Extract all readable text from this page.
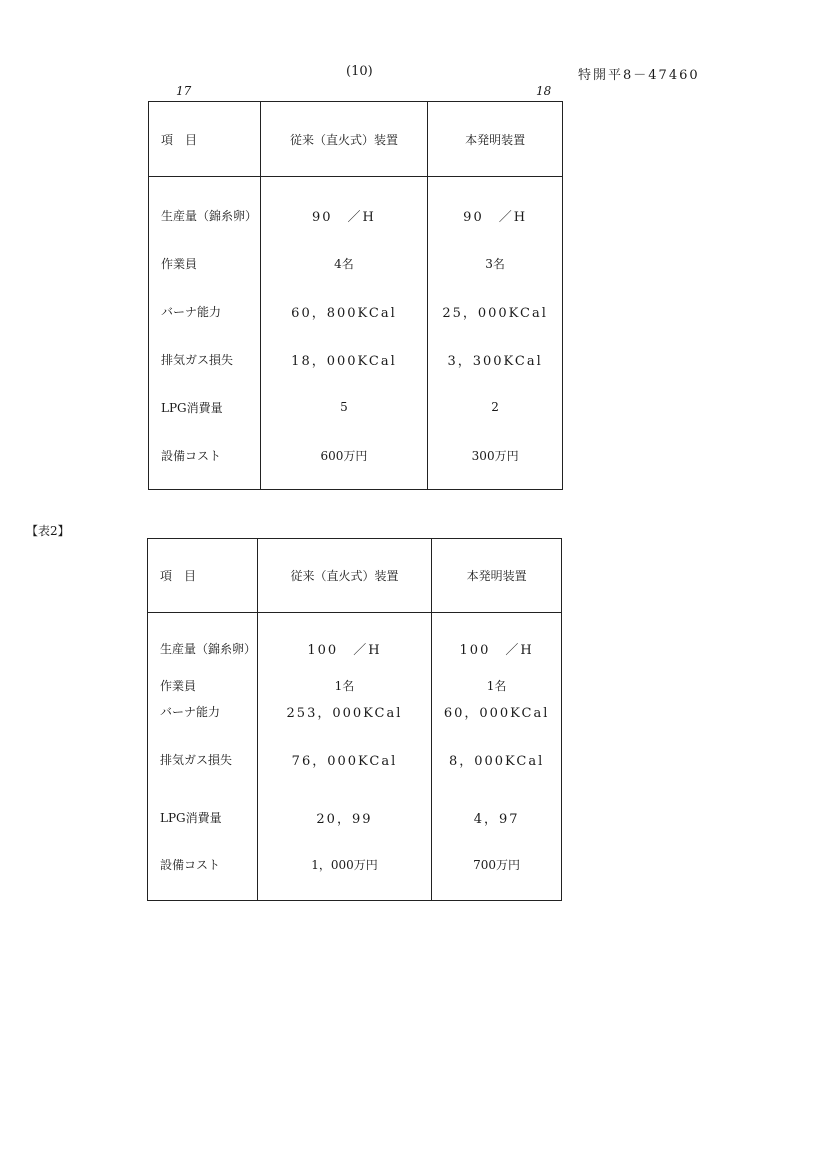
(10)	特開平8－47460
17	18
項　目	従来（直火式）装置	本発明装置
生産量（錦糸卵）	90　／H	90　／H
作業員	4名	3名
バーナ能力	60，800KCal	25，000KCal
排気ガス損失	18，000KCal	3，300KCal
LPG消費量	5	2
設備コスト	600万円	300万円
【表2】
項　目	従来（直火式）装置	本発明装置
生産量（錦糸卵）	100　／H	100　／H
作業員	1名	1名
バーナ能力	253，000KCal	60，000KCal
排気ガス損失	76，000KCal	8，000KCal
LPG消費量	20，99	4，97
設備コスト	1，000万円	700万円
